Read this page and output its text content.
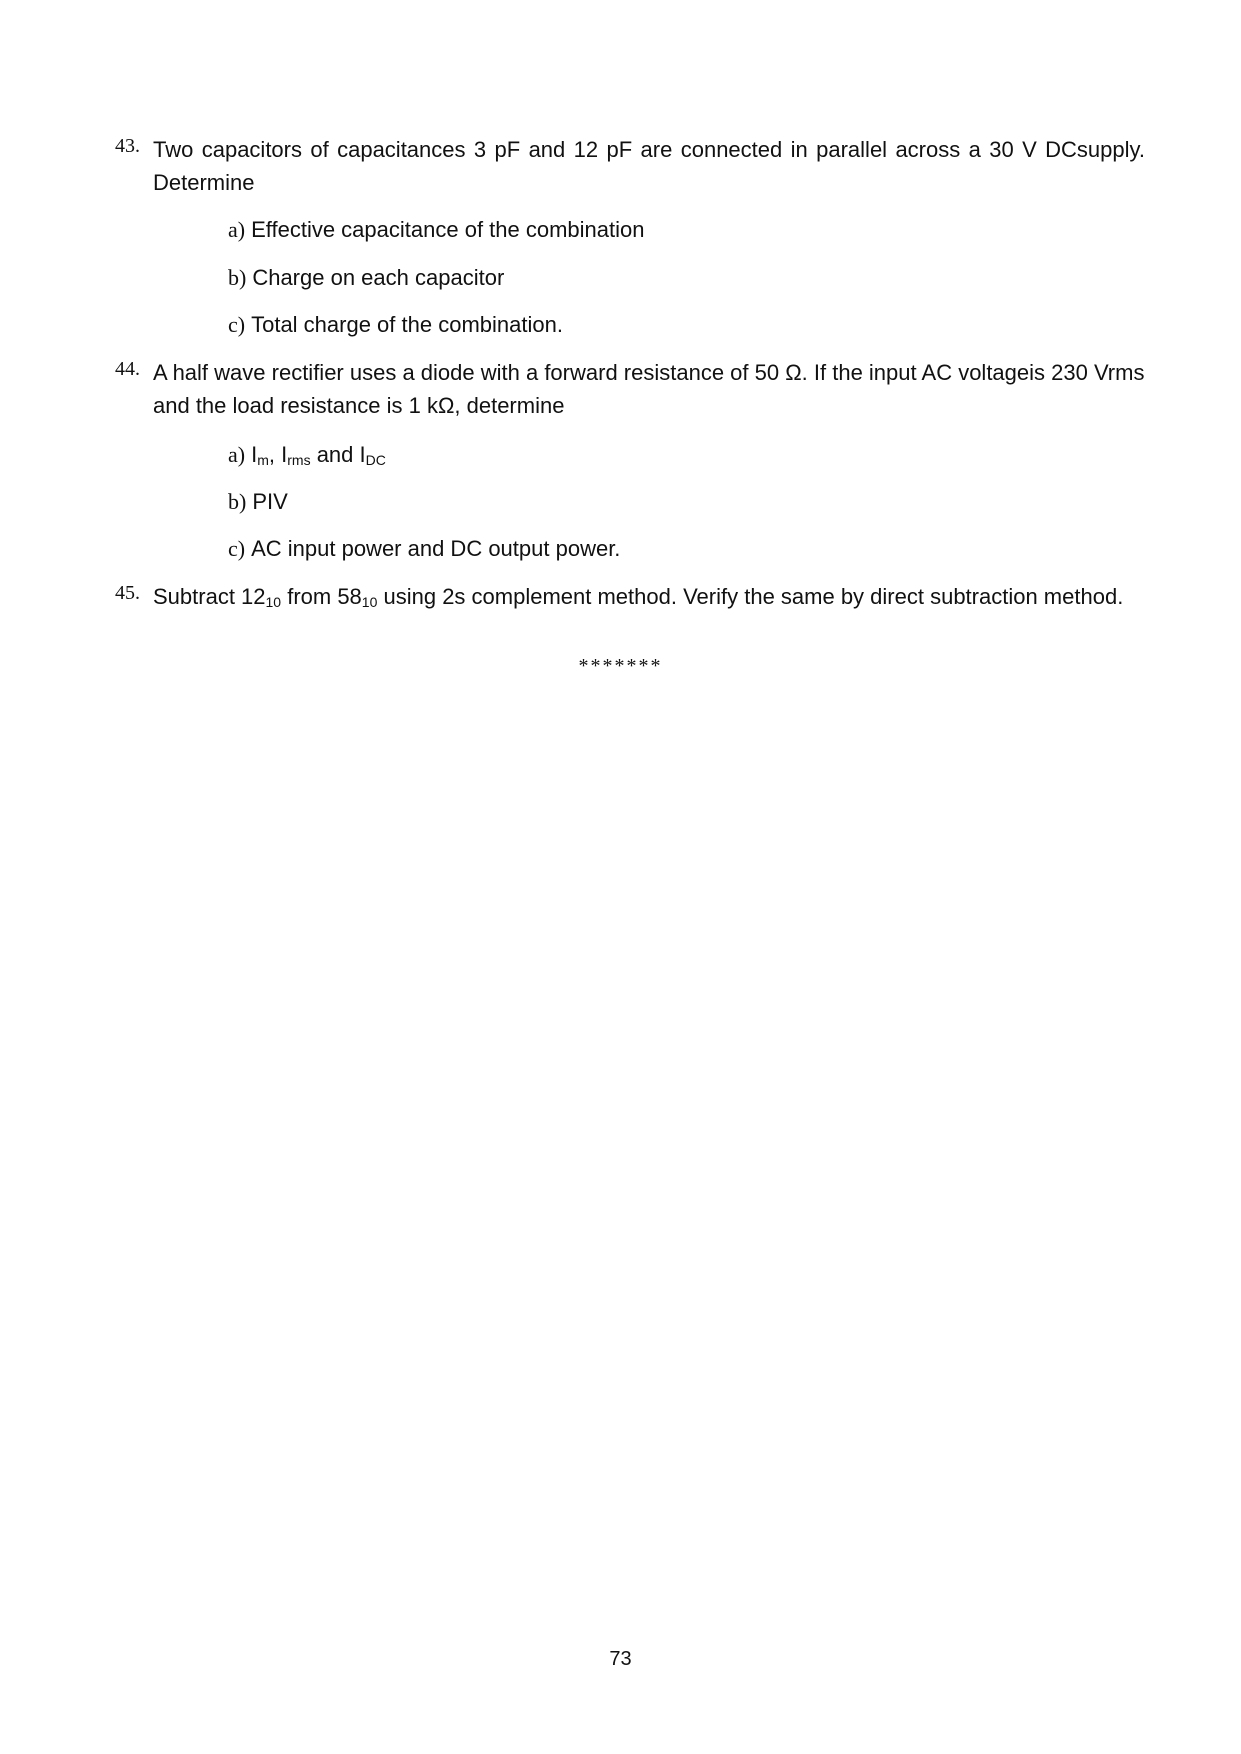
43. Two capacitors of capacitances 3 pF and 12 pF are connected in parallel across a 30 V DCsupply. Determine
a) Effective capacitance of the combination
b) Charge on each capacitor
c) Total charge of the combination.
44. A half wave rectifier uses a diode with a forward resistance of 50 Ω. If the input AC voltageis 230 Vrms and the load resistance is 1 kΩ, determine
a) $I_m$, $I_{rms}$ and $I_{DC}$
b) PIV
c) AC input power and DC output power.
45. Subtract $12_{10}$ from $58_{10}$ using 2s complement method. Verify the same by direct subtraction method.
*******
73
